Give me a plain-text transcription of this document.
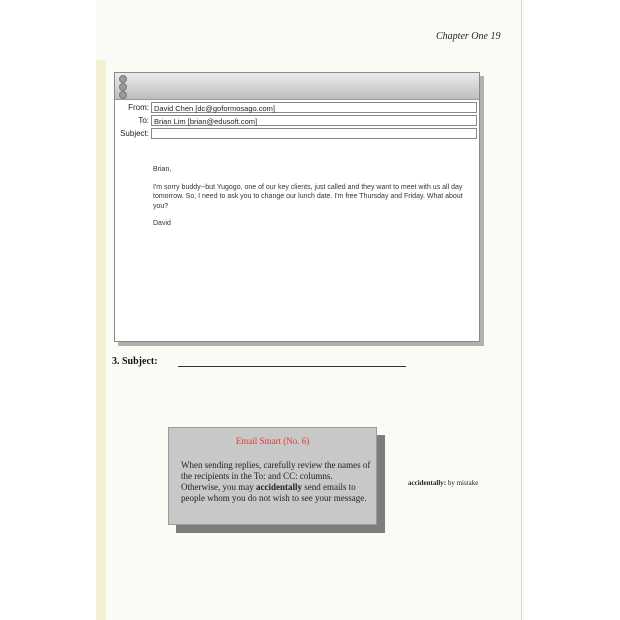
Chapter One 19
From: David Chen [dc@goformosago.com]
To: Brian Lim [brian@edusoft.com]
Subject:

Brian,

I'm sorry buddy--but Yugogo, one of our key clients, just called and they want to meet with us all day tomorrow. So, I need to ask you to change our lunch date. I'm free Thursday and Friday. What about you?

David

3. Subject:
Email Smart (No. 6)
When sending replies, carefully review the names of the recipients in the To: and CC: columns. Otherwise, you may accidentally send emails to people whom you do not wish to see your message.
accidentally: by mistake
